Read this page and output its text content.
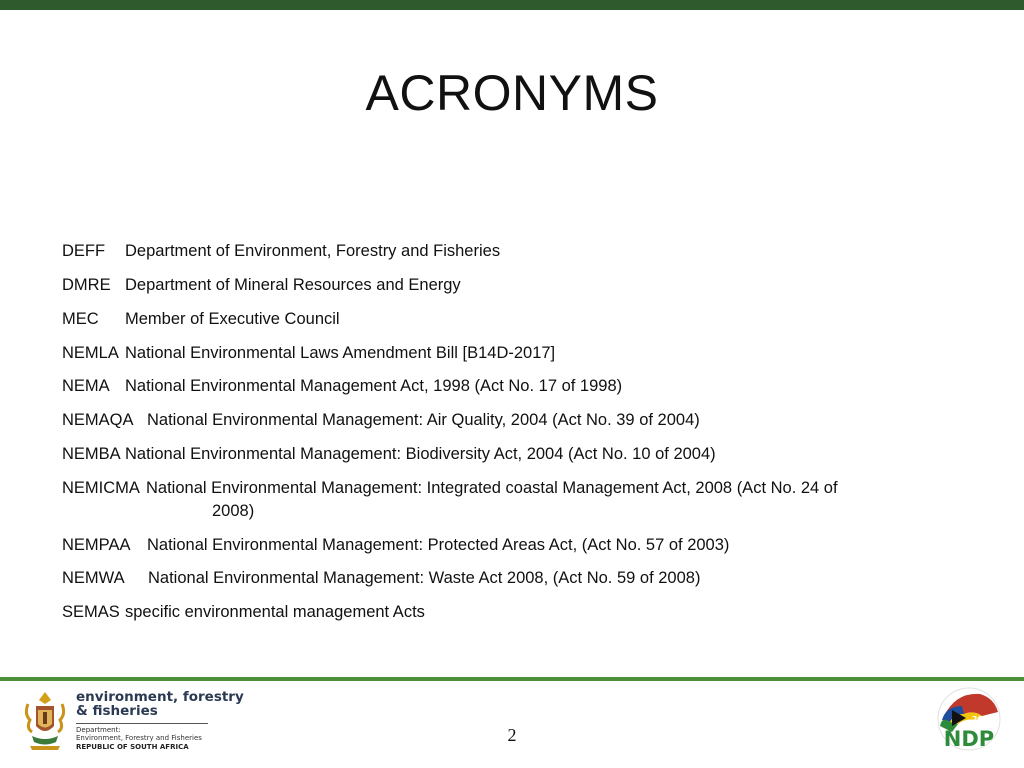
ACRONYMS
DEFF Department of Environment, Forestry and Fisheries
DMRE Department of Mineral Resources and Energy
MEC Member of Executive Council
NEMLA National Environmental Laws Amendment Bill [B14D-2017]
NEMA National Environmental Management Act, 1998 (Act No. 17 of 1998)
NEMAQA National Environmental Management: Air Quality, 2004 (Act No. 39 of 2004)
NEMBA National Environmental Management: Biodiversity Act, 2004 (Act No. 10 of 2004)
NEMICMA National Environmental Management: Integrated coastal Management Act, 2008 (Act No. 24 of
2008)
NEMPAA National Environmental Management: Protected Areas Act, (Act No. 57 of 2003)
NEMWA National Environmental Management: Waste Act 2008, (Act No. 59 of 2008)
SEMAS specific environmental management Acts
environment, forestry
& fisheries
Department:
Environment, Forestry and Fisheries
REPUBLIC OF SOUTH AFRICA
2
2030
NDP
